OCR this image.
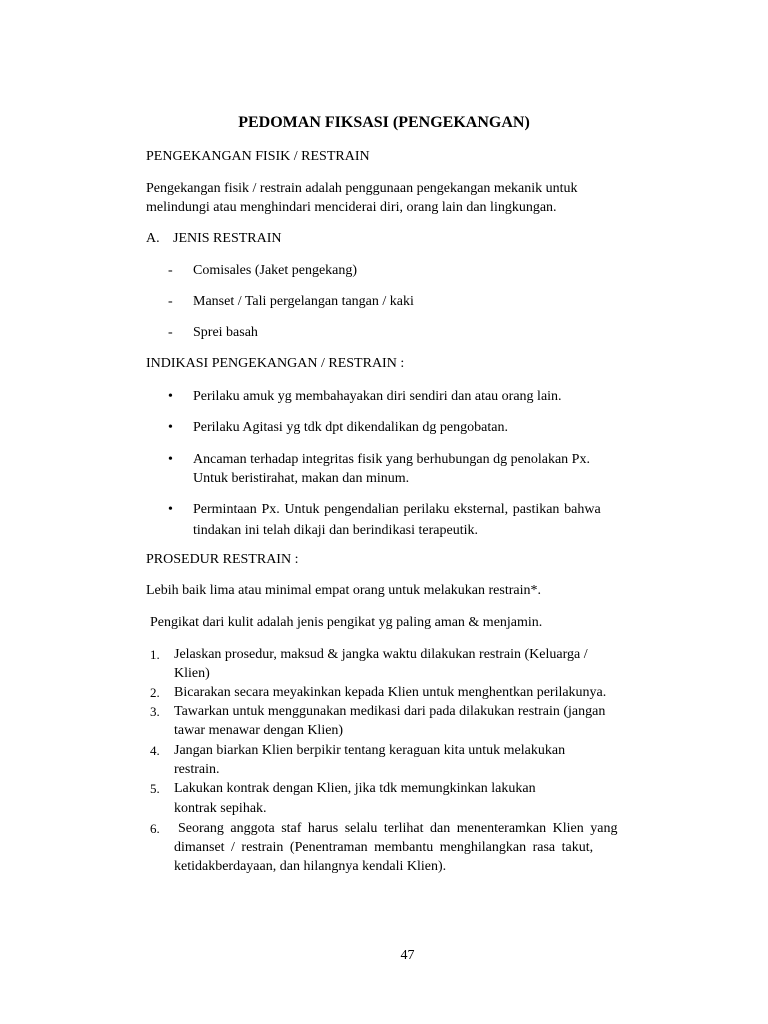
PEDOMAN FIKSASI (PENGEKANGAN)
PENGEKANGAN FISIK / RESTRAIN
Pengekangan fisik / restrain adalah penggunaan pengekangan mekanik untuk
melindungi atau menghindari menciderai diri, orang lain dan lingkungan.
A. JENIS RESTRAIN
- Comisales (Jaket pengekang)
- Manset / Tali pergelangan tangan / kaki
- Sprei basah
INDIKASI PENGEKANGAN / RESTRAIN :
• Perilaku amuk yg membahayakan diri sendiri dan atau orang lain.
• Perilaku Agitasi yg tdk dpt dikendalikan dg pengobatan.
• Ancaman terhadap integritas fisik yang berhubungan dg penolakan Px.
Untuk beristirahat, makan dan minum.
• Permintaan Px. Untuk pengendalian perilaku eksternal, pastikan bahwa
tindakan ini telah dikaji dan berindikasi terapeutik.
PROSEDUR RESTRAIN :
Lebih baik lima atau minimal empat orang untuk melakukan restrain*.
Pengikat dari kulit adalah jenis pengikat yg paling aman & menjamin.
1. Jelaskan prosedur, maksud & jangka waktu dilakukan restrain (Keluarga /
Klien)
2. Bicarakan secara meyakinkan kepada Klien untuk menghentkan perilakunya.
3. Tawarkan untuk menggunakan medikasi dari pada dilakukan restrain (jangan
tawar menawar dengan Klien)
4. Jangan biarkan Klien berpikir tentang keraguan kita untuk melakukan
restrain.
5. Lakukan kontrak dengan Klien, jika tdk memungkinkan lakukan
kontrak sepihak.
6. Seorang anggota staf harus selalu terlihat dan menenteramkan Klien yang
dimanset / restrain (Penentraman membantu menghilangkan rasa takut,
ketidakberdayaan, dan hilangnya kendali Klien).
47
